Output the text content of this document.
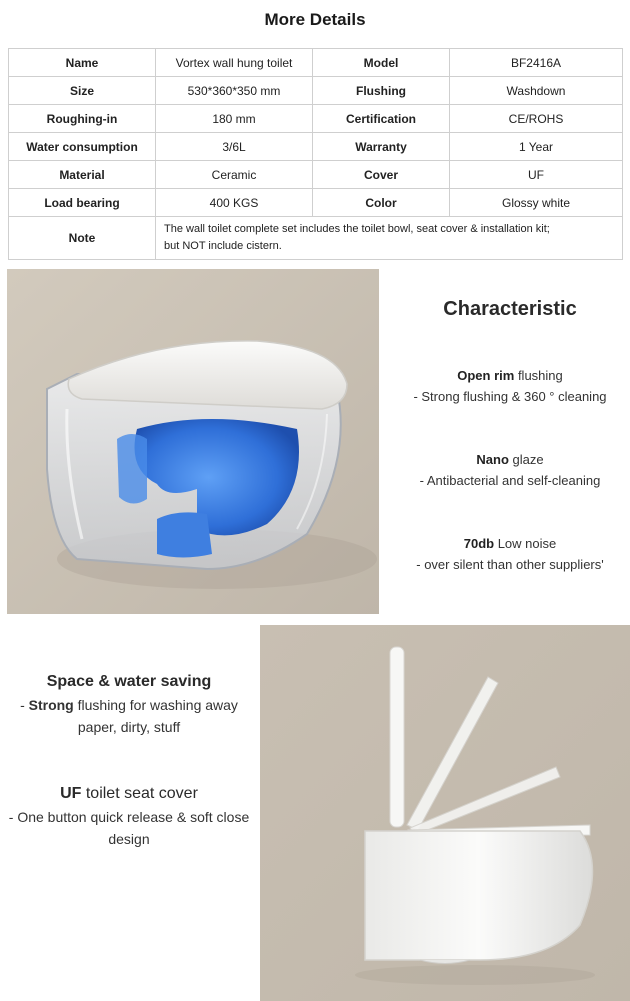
More Details
Name	Vortex wall hung toilet	Model	BF2416A
Size	530*360*350 mm	Flushing	Washdown
Roughing-in	180 mm	Certification	CE/ROHS
Water consumption	3/6L	Warranty	1 Year
Material	Ceramic	Cover	UF
Load bearing	400 KGS	Color	Glossy white
Note	The wall toilet complete set includes the toilet bowl, seat cover & installation kit;
but NOT include cistern.		
Characteristic
Open rim flushing
- Strong flushing & 360 ° cleaning
Nano glaze
- Antibacterial and self-cleaning
70db Low noise
- over silent than other suppliers'
Space & water saving
- Strong flushing for washing away paper, dirty, stuff
UF toilet seat cover
- One button quick release & soft close design
